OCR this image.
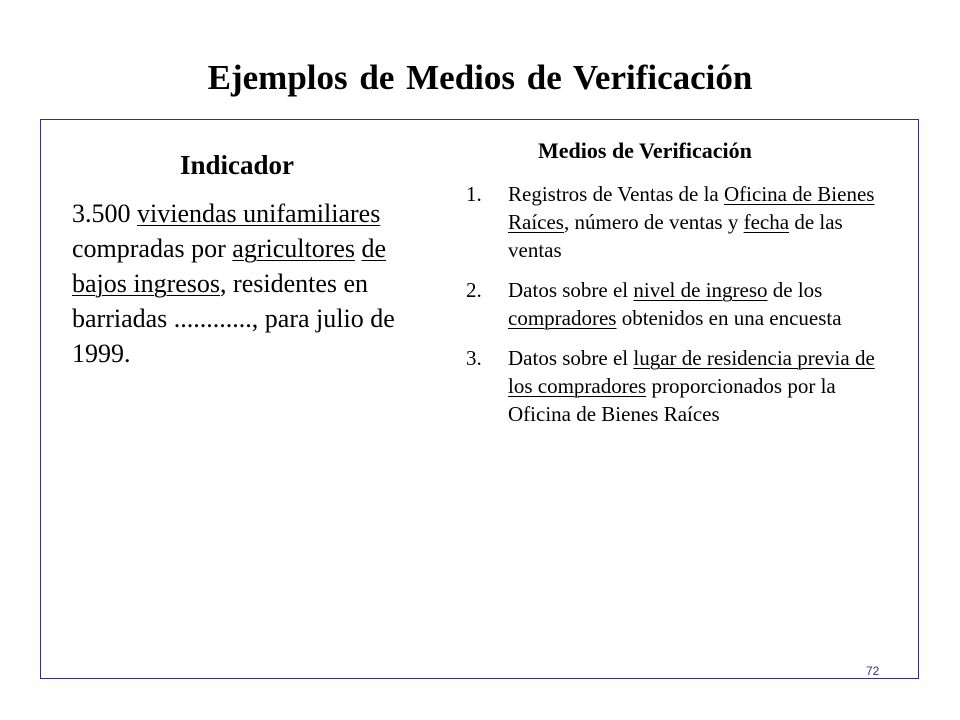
Ejemplos de Medios de Verificación
Indicador
3.500 viviendas unifamiliares compradas por agricultores de bajos ingresos, residentes en barriadas ............, para julio de 1999.
Medios de Verificación
1. Registros de Ventas de la Oficina de Bienes Raíces, número de ventas y fecha de las ventas
2. Datos sobre el nivel de ingreso de los compradores obtenidos en una encuesta
3. Datos sobre el lugar de residencia previa de los compradores proporcionados por la Oficina de Bienes Raíces
72
